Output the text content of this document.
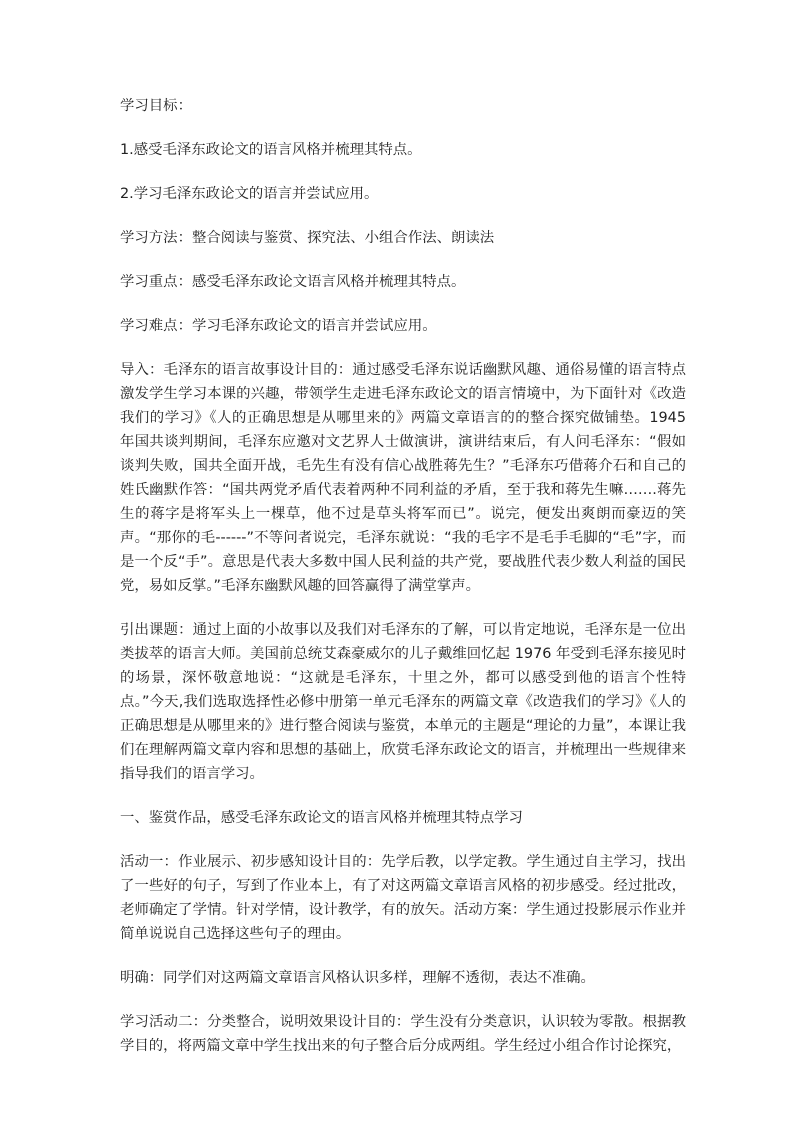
学习目标：

1.感受毛泽东政论文的语言风格并梳理其特点。

2.学习毛泽东政论文的语言并尝试应用。

学习方法：整合阅读与鉴赏、探究法、小组合作法、朗读法

学习重点：感受毛泽东政论文语言风格并梳理其特点。

学习难点：学习毛泽东政论文的语言并尝试应用。

导入：毛泽东的语言故事设计目的：通过感受毛泽东说话幽默风趣、通俗易懂的语言特点激发学生学习本课的兴趣，带领学生走进毛泽东政论文的语言情境中，为下面针对《改造我们的学习》《人的正确思想是从哪里来的》两篇文章语言的的整合探究做铺垫。1945 年国共谈判期间，毛泽东应邀对文艺界人士做演讲，演讲结束后，有人问毛泽东：“假如谈判失败，国共全面开战，毛先生有没有信心战胜蒋先生？”毛泽东巧借蒋介石和自己的姓氏幽默作答：“国共两党矛盾代表着两种不同利益的矛盾，至于我和蒋先生嘛…….蒋先生的蒋字是将军头上一棵草，他不过是草头将军而已”。说完，便发出爽朗而豪迈的笑声。“那你的毛------”不等问者说完，毛泽东就说：“我的毛字不是毛手毛脚的“毛”字，而是一个反“手”。意思是代表大多数中国人民利益的共产党，要战胜代表少数人利益的国民党，易如反掌。”毛泽东幽默风趣的回答赢得了满堂掌声。

引出课题：通过上面的小故事以及我们对毛泽东的了解，可以肯定地说，毛泽东是一位出类拔萃的语言大师。美国前总统艾森豪威尔的儿子戴维回忆起 1976 年受到毛泽东接见时的场景，深怀敬意地说：“这就是毛泽东，十里之外，都可以感受到他的语言个性特点。”今天,我们选取选择性必修中册第一单元毛泽东的两篇文章《改造我们的学习》《人的正确思想是从哪里来的》进行整合阅读与鉴赏，本单元的主题是“理论的力量”，本课让我们在理解两篇文章内容和思想的基础上，欣赏毛泽东政论文的语言，并梳理出一些规律来指导我们的语言学习。

一、鉴赏作品，感受毛泽东政论文的语言风格并梳理其特点学习

活动一：作业展示、初步感知设计目的：先学后教，以学定教。学生通过自主学习，找出了一些好的句子，写到了作业本上，有了对这两篇文章语言风格的初步感受。经过批改，老师确定了学情。针对学情，设计教学，有的放矢。活动方案：学生通过投影展示作业并简单说说自己选择这些句子的理由。

明确：同学们对这两篇文章语言风格认识多样，理解不透彻，表达不准确。

学习活动二：分类整合，说明效果设计目的：学生没有分类意识，认识较为零散。根据教学目的，将两篇文章中学生找出来的句子整合后分成两组。学生经过小组合作讨论探究，
